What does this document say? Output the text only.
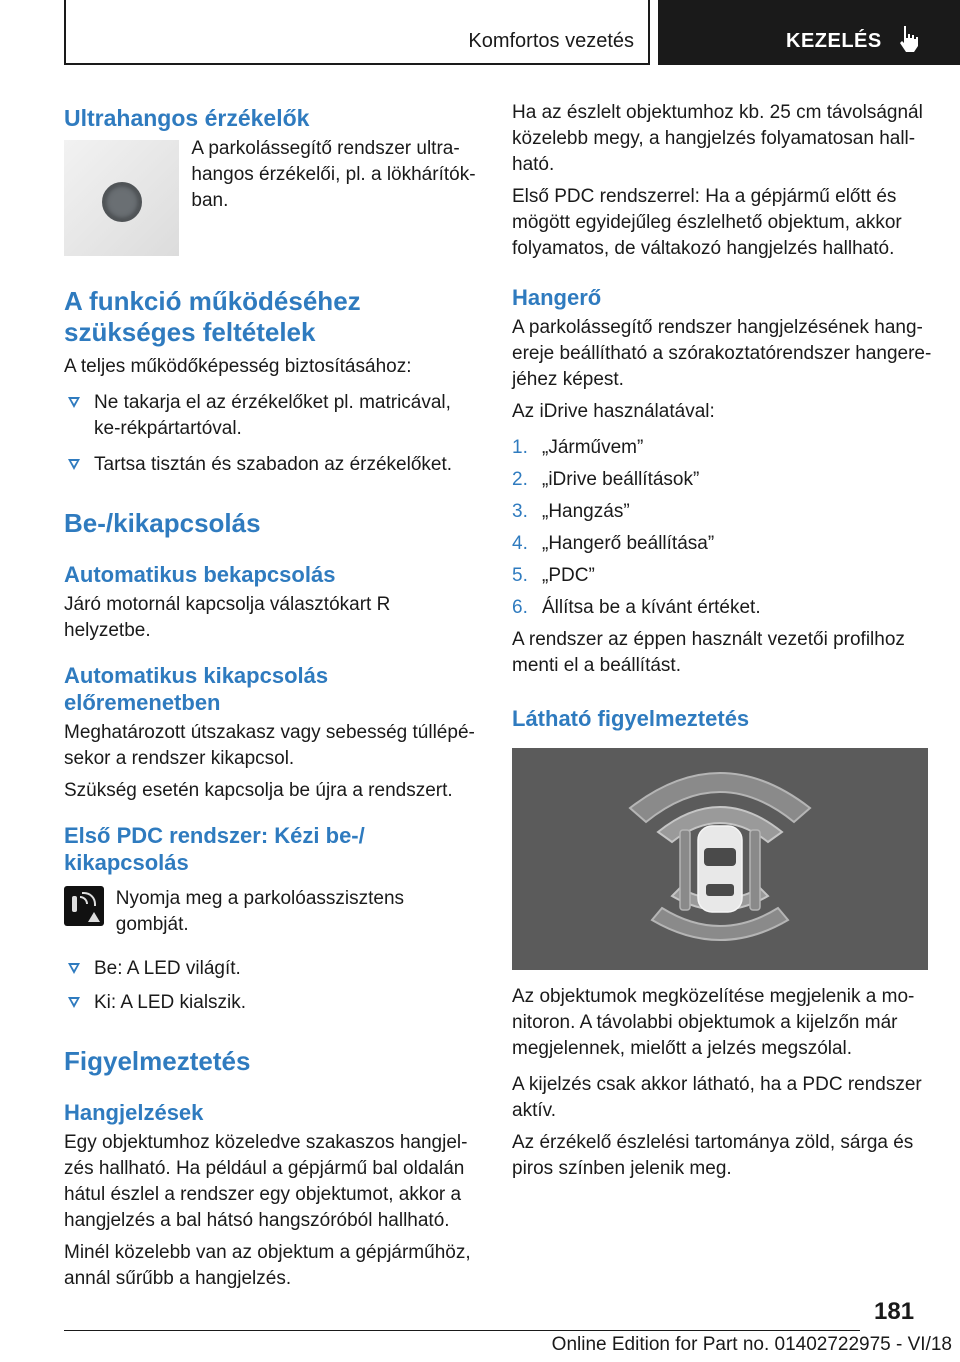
Komfortos vezetés	KEZELÉS
Ultrahangos érzékelők
A parkolássegítő rendszer ultra-hangos érzékelői, pl. a lökhárítók-ban.
A funkció működéséhez szükséges feltételek
A teljes működőképesség biztosításához:
Ne takarja el az érzékelőket pl. matricával, ke-rékpártartóval.
Tartsa tisztán és szabadon az érzékelőket.
Be-/kikapcsolás
Automatikus bekapcsolás
Járó motornál kapcsolja választókart R helyzetbe.
Automatikus kikapcsolás előremenetben
Meghatározott útszakasz vagy sebesség túllépé-sekor a rendszer kikapcsol.
Szükség esetén kapcsolja be újra a rendszert.
Első PDC rendszer: Kézi be-/ kikapcsolás
Nyomja meg a parkolóasszisztens gombját.
Be: A LED világít.
Ki: A LED kialszik.
Figyelmeztetés
Hangjelzések
Egy objektumhoz közeledve szakaszos hangjel-zés hallható. Ha például a gépjármű bal oldalán hátul észlel a rendszer egy objektumot, akkor a hangjelzés a bal hátsó hangszóróból hallható.
Minél közelebb van az objektum a gépjárműhöz, annál sűrűbb a hangjelzés.
Ha az észlelt objektumhoz kb. 25 cm távolságnál közelebb megy, a hangjelzés folyamatosan hall-ható.
Első PDC rendszerrel: Ha a gépjármű előtt és mögött egyidejűleg észlelhető objektum, akkor folyamatos, de váltakozó hangjelzés hallható.
Hangerő
A parkolássegítő rendszer hangjelzésének hang-ereje beállítható a szórakoztatórendszer hangere-jéhez képest.
Az iDrive használatával:
1. „Járművem”
2. „iDrive beállítások”
3. „Hangzás”
4. „Hangerő beállítása”
5. „PDC”
6. Állítsa be a kívánt értéket.
A rendszer az éppen használt vezetői profilhoz menti el a beállítást.
Látható figyelmeztetés
Az objektumok megközelítése megjelenik a mo-nitoron. A távolabbi objektumok a kijelzőn már megjelennek, mielőtt a jelzés megszólal.
A kijelzés csak akkor látható, ha a PDC rendszer aktív.
Az érzékelő észlelési tartománya zöld, sárga és piros színben jelenik meg.
181
Online Edition for Part no. 01402722975 - VI/18
